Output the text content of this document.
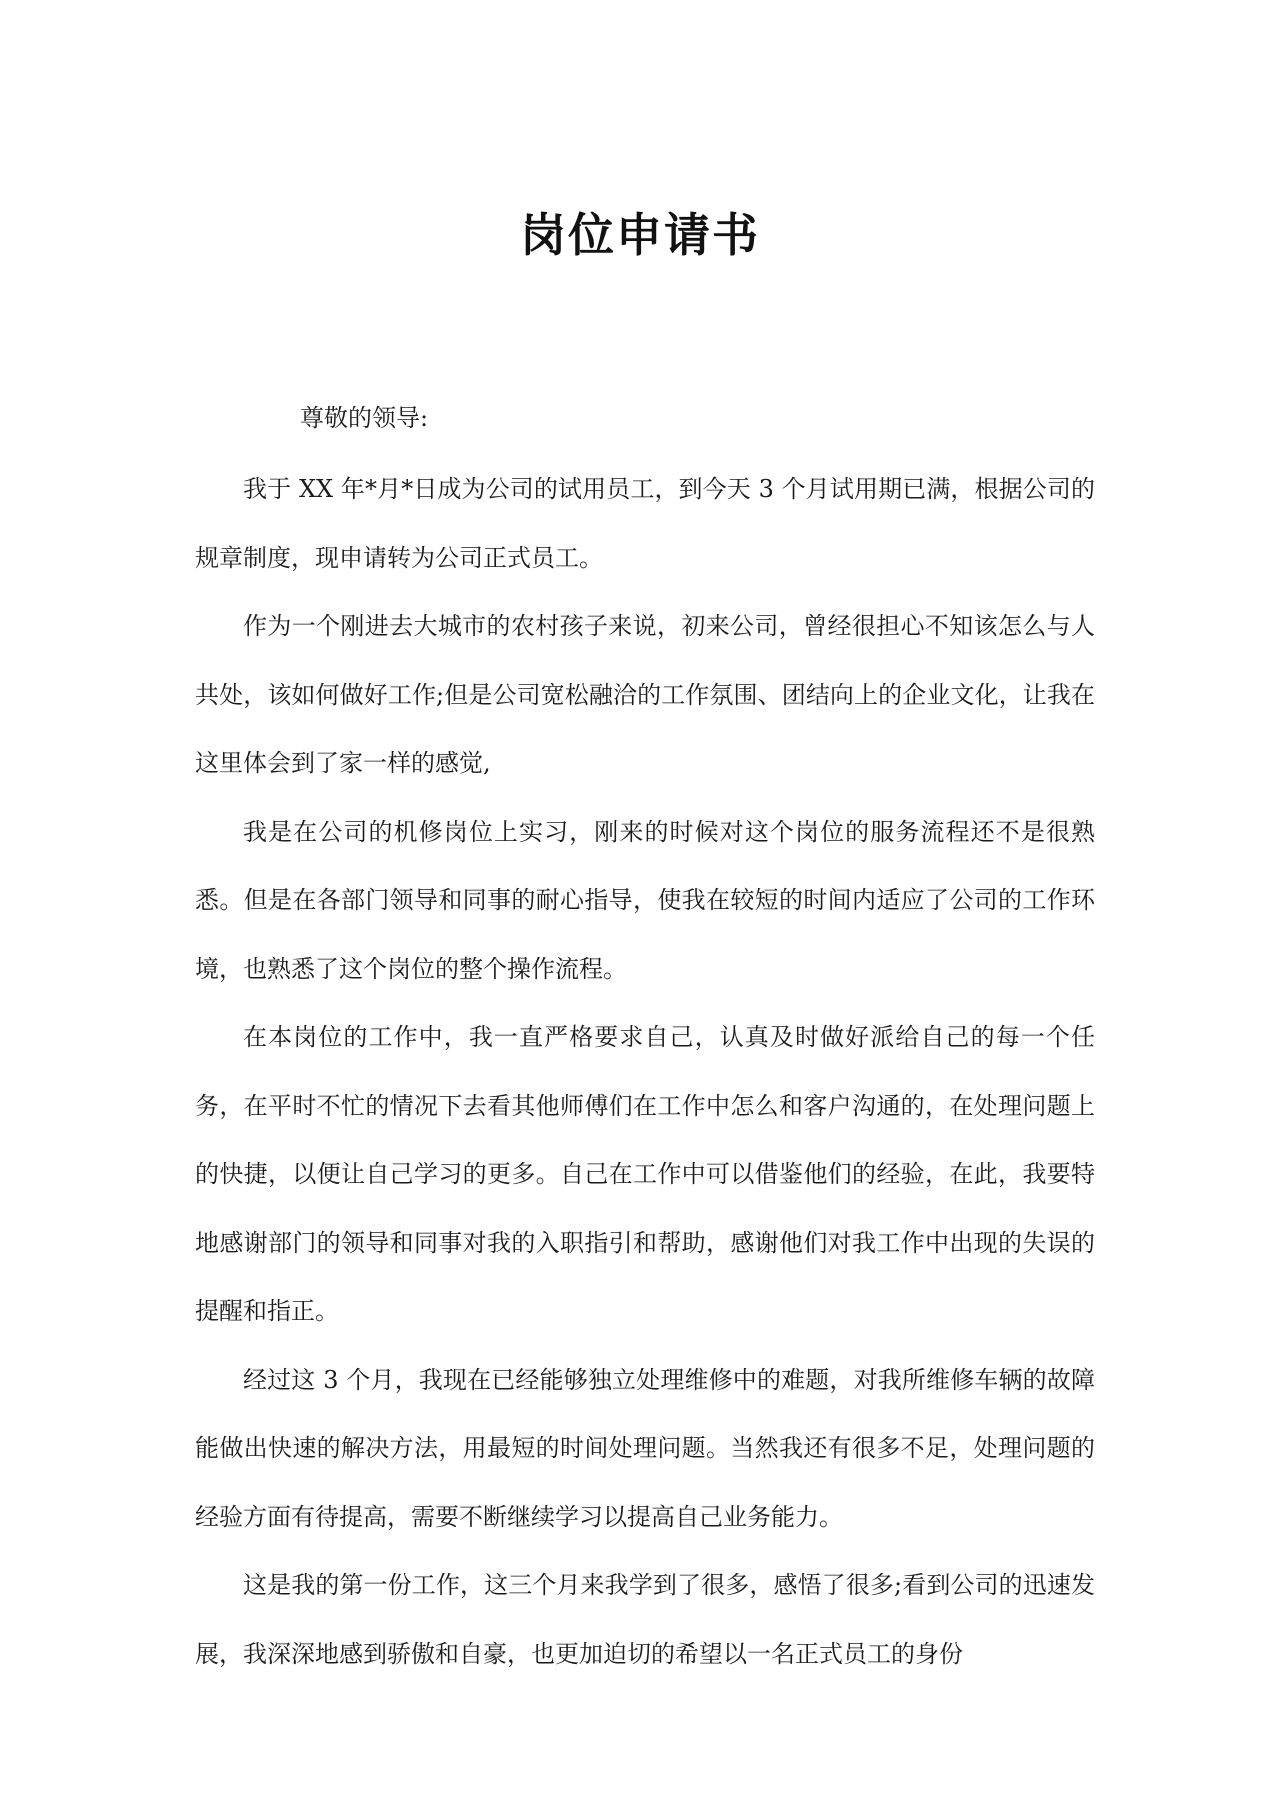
岗位申请书
尊敬的领导:

我于 XX 年*月*日成为公司的试用员工，到今天 3 个月试用期已满，根据公司的规章制度，现申请转为公司正式员工。

作为一个刚进去大城市的农村孩子来说，初来公司，曾经很担心不知该怎么与人共处，该如何做好工作;但是公司宽松融洽的工作氛围、团结向上的企业文化，让我在这里体会到了家一样的感觉,

我是在公司的机修岗位上实习，刚来的时候对这个岗位的服务流程还不是很熟悉。但是在各部门领导和同事的耐心指导，使我在较短的时间内适应了公司的工作环境，也熟悉了这个岗位的整个操作流程。

在本岗位的工作中，我一直严格要求自己，认真及时做好派给自己的每一个任务，在平时不忙的情况下去看其他师傅们在工作中怎么和客户沟通的，在处理问题上的快捷，以便让自己学习的更多。自己在工作中可以借鉴他们的经验，在此，我要特地感谢部门的领导和同事对我的入职指引和帮助，感谢他们对我工作中出现的失误的提醒和指正。

经过这 3 个月，我现在已经能够独立处理维修中的难题，对我所维修车辆的故障能做出快速的解决方法，用最短的时间处理问题。当然我还有很多不足，处理问题的经验方面有待提高，需要不断继续学习以提高自己业务能力。

这是我的第一份工作，这三个月来我学到了很多，感悟了很多;看到公司的迅速发展，我深深地感到骄傲和自豪，也更加迫切的希望以一名正式员工的身份
